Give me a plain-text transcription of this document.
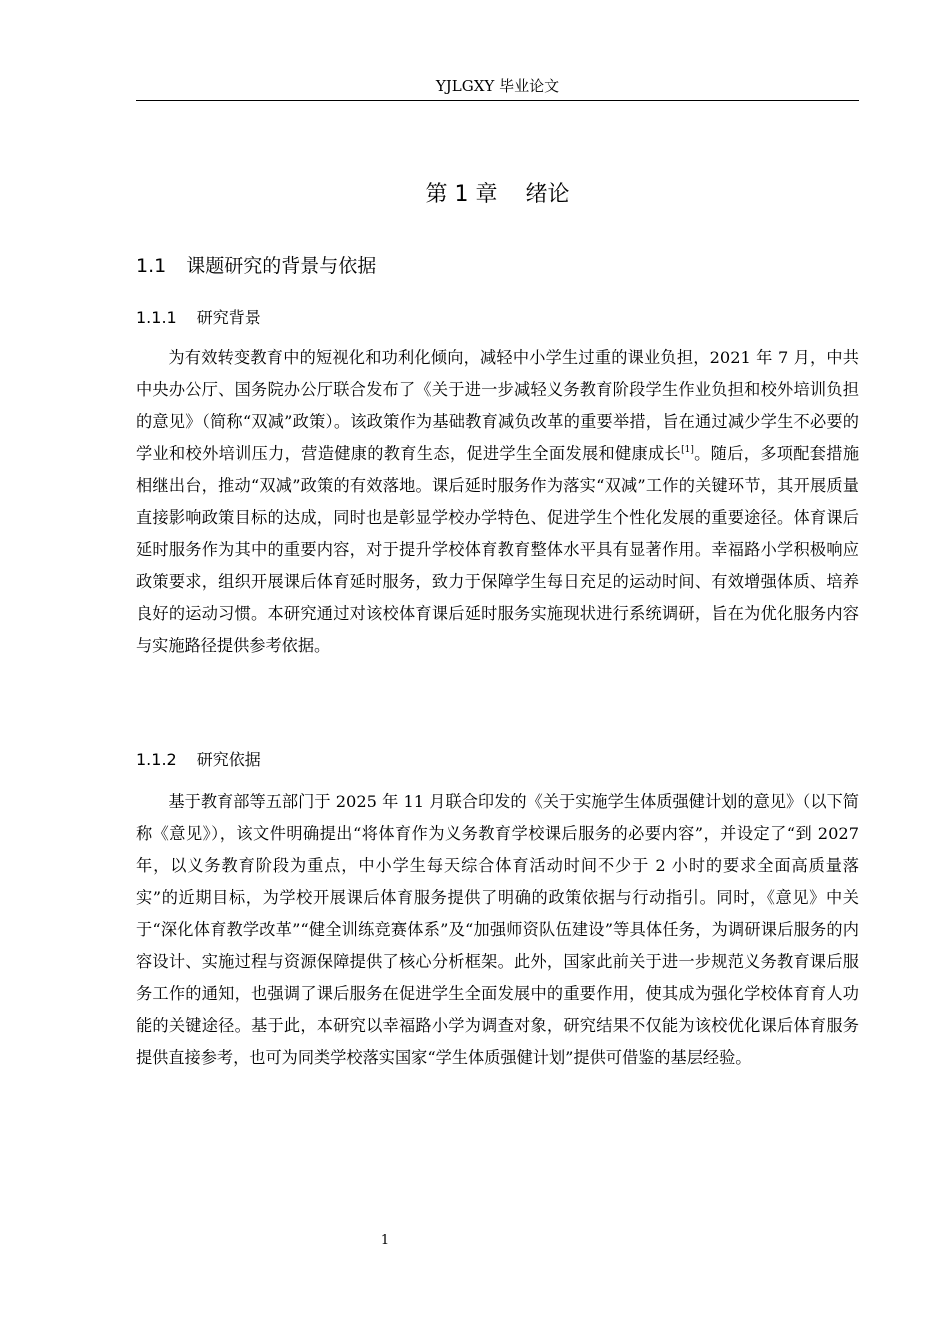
YJLGXY 毕业论文
第 1 章    绪论
1.1 课题研究的背景与依据
1.1.1 研究背景

为有效转变教育中的短视化和功利化倾向，减轻中小学生过重的课业负担，2021 年 7 月，中共中央办公厅、国务院办公厅联合发布了《关于进一步减轻义务教育阶段学生作业负担和校外培训负担的意见》（简称“双减”政策）。该政策作为基础教育减负改革的重要举措，旨在通过减少学生不必要的学业和校外培训压力，营造健康的教育生态，促进学生全面发展和健康成长[1]。随后，多项配套措施相继出台，推动“双减”政策的有效落地。课后延时服务作为落实“双减”工作的关键环节，其开展质量直接影响政策目标的达成，同时也是彰显学校办学特色、促进学生个性化发展的重要途径。体育课后延时服务作为其中的重要内容，对于提升学校体育教育整体水平具有显著作用。幸福路小学积极响应政策要求，组织开展课后体育延时服务，致力于保障学生每日充足的运动时间、有效增强体质、培养良好的运动习惯。本研究通过对该校体育课后延时服务实施现状进行系统调研，旨在为优化服务内容与实施路径提供参考依据。

1.1.2 研究依据

基于教育部等五部门于 2025 年 11 月联合印发的《关于实施学生体质强健计划的意见》（以下简称《意见》），该文件明确提出“将体育作为义务教育学校课后服务的必要内容”，并设定了“到 2027 年，以义务教育阶段为重点，中小学生每天综合体育活动时间不少于 2 小时的要求全面高质量落实”的近期目标，为学校开展课后体育服务提供了明确的政策依据与行动指引。同时，《意见》中关于“深化体育教学改革”“健全训练竞赛体系”及“加强师资队伍建设”等具体任务，为调研课后服务的内容设计、实施过程与资源保障提供了核心分析框架。此外，国家此前关于进一步规范义务教育课后服务工作的通知，也强调了课后服务在促进学生全面发展中的重要作用，使其成为强化学校体育育人功能的关键途径。基于此，本研究以幸福路小学为调查对象，研究结果不仅能为该校优化课后体育服务提供直接参考，也可为同类学校落实国家“学生体质强健计划”提供可借鉴的基层经验。

1
